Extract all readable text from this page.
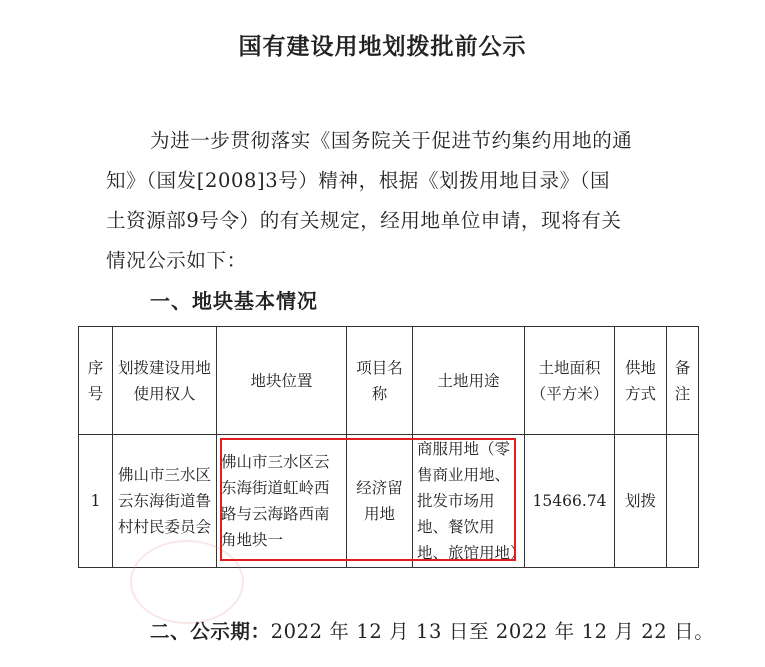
国有建设用地划拨批前公示
为进一步贯彻落实《国务院关于促进节约集约用地的通
知》（国发[2008]3号）精神，根据《划拨用地目录》（国
土资源部9号令）的有关规定，经用地单位申请，现将有关
情况公示如下：
一、地块基本情况
序号	划拨建设用地使用权人	地块位置	项目名称	土地用途	土地面积（平方米）	供地方式	备注
1	佛山市三水区云东海街道鲁村村民委员会	佛山市三水区云东海街道虹岭西路与云海路西南角地块一	经济留用地	商服用地（零售商业用地、批发市场用地、餐饮用地、旅馆用地）	15466.74	划拨	
二、公示期：2022 年 12 月 13 日至 2022 年 12 月 22 日。
